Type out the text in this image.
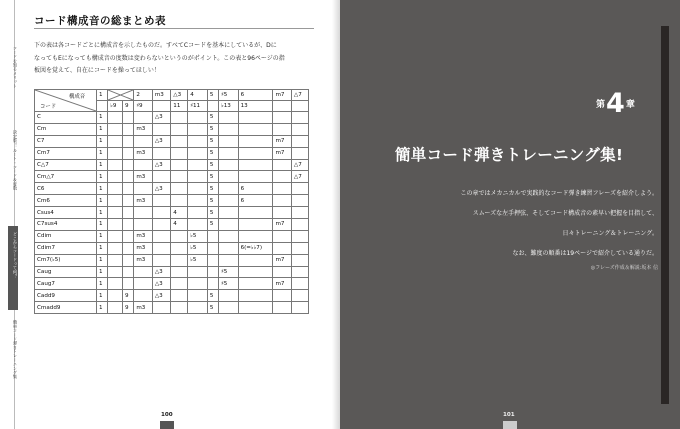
コードを知るメリット
決定版！ ルート・コード＆度数
どこからコードって何？
簡単コード弾きトレーニング集
コード構成音の総まとめ表
下の表は各コードごとに構成音を示したものだ。すべてCコードを基本にしているが、Dに
なってもEになっても構成音の度数は変わらないというのがポイント。この表と96ページの指
板図を覚えて、自在にコードを操ってほしい！
構成音
コード	1			2	m3	△3	4	5	♯5	6	m7	△7
		♭9	9	♯9		11	♯11		♭13	13		
C	1				△3			5				
Cm	1			m3				5				
C7	1				△3			5			m7	
Cm7	1			m3				5			m7	
C△7	1				△3			5				△7
Cm△7	1			m3				5				△7
C6	1				△3			5		6		
Cm6	1			m3				5		6		
Csus4	1					4		5				
C7sus4	1					4		5			m7	
Cdim	1			m3			♭5					
Cdim7	1			m3			♭5			6(=♭♭7)		
Cm7(♭5)	1			m3			♭5				m7	
Caug	1				△3				♯5			
Caug7	1				△3				♯5		m7	
Cadd9	1		9		△3			5				
Cmadd9	1		9	m3				5				
100
第4章
簡単コード弾きトレーニング集!
この章ではメカニカルで実践的なコード弾き練習フレーズを紹介しよう。
スムーズな左手押弦、そしてコード構成音の素早い把握を目指して、
日々トレーニング＆トレーニング。
なお、難度の順番は19ページで紹介している通りだ。
◎フレーズ作成＆解説:坂本 信
101
